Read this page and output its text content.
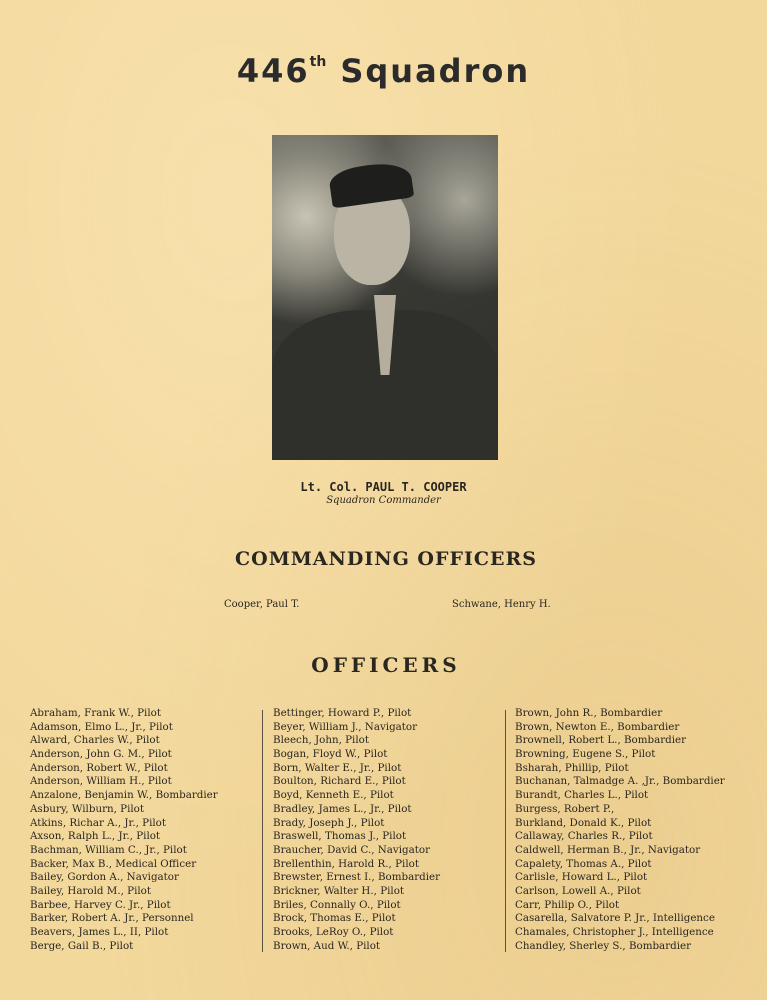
446th Squadron
Lt. Col. PAUL T. COOPER
Squadron Commander
COMMANDING OFFICERS
Cooper, Paul T.	Schwane, Henry H.
OFFICERS
Abraham, Frank W., Pilot
Adamson, Elmo L., Jr., Pilot
Alward, Charles W., Pilot
Anderson, John G. M., Pilot
Anderson, Robert W., Pilot
Anderson, William H., Pilot
Anzalone, Benjamin W., Bombardier
Asbury, Wilburn, Pilot
Atkins, Richar A., Jr., Pilot
Axson, Ralph L., Jr., Pilot
Bachman, William C., Jr., Pilot
Backer, Max B., Medical Officer
Bailey, Gordon A., Navigator
Bailey, Harold M., Pilot
Barbee, Harvey C. Jr., Pilot
Barker, Robert A. Jr., Personnel
Beavers, James L., II, Pilot
Berge, Gail B., Pilot
Bettinger, Howard P., Pilot
Beyer, William J., Navigator
Bleech, John, Pilot
Bogan, Floyd W., Pilot
Born, Walter E., Jr., Pilot
Boulton, Richard E., Pilot
Boyd, Kenneth E., Pilot
Bradley, James L., Jr., Pilot
Brady, Joseph J., Pilot
Braswell, Thomas J., Pilot
Braucher, David C., Navigator
Brellenthin, Harold R., Pilot
Brewster, Ernest I., Bombardier
Brickner, Walter H., Pilot
Briles, Connally O., Pilot
Brock, Thomas E., Pilot
Brooks, LeRoy O., Pilot
Brown, Aud W., Pilot
Brown, John R., Bombardier
Brown, Newton E., Bombardier
Brownell, Robert L., Bombardier
Browning, Eugene S., Pilot
Bsharah, Phillip, Pilot
Buchanan, Talmadge A. ,Jr., Bombardier
Burandt, Charles L., Pilot
Burgess, Robert P.,
Burkland, Donald K., Pilot
Callaway, Charles R., Pilot
Caldwell, Herman B., Jr., Navigator
Capalety, Thomas A., Pilot
Carlisle, Howard L., Pilot
Carlson, Lowell A., Pilot
Carr, Philip O., Pilot
Casarella, Salvatore P. Jr., Intelligence
Chamales, Christopher J., Intelligence
Chandley, Sherley S., Bombardier
